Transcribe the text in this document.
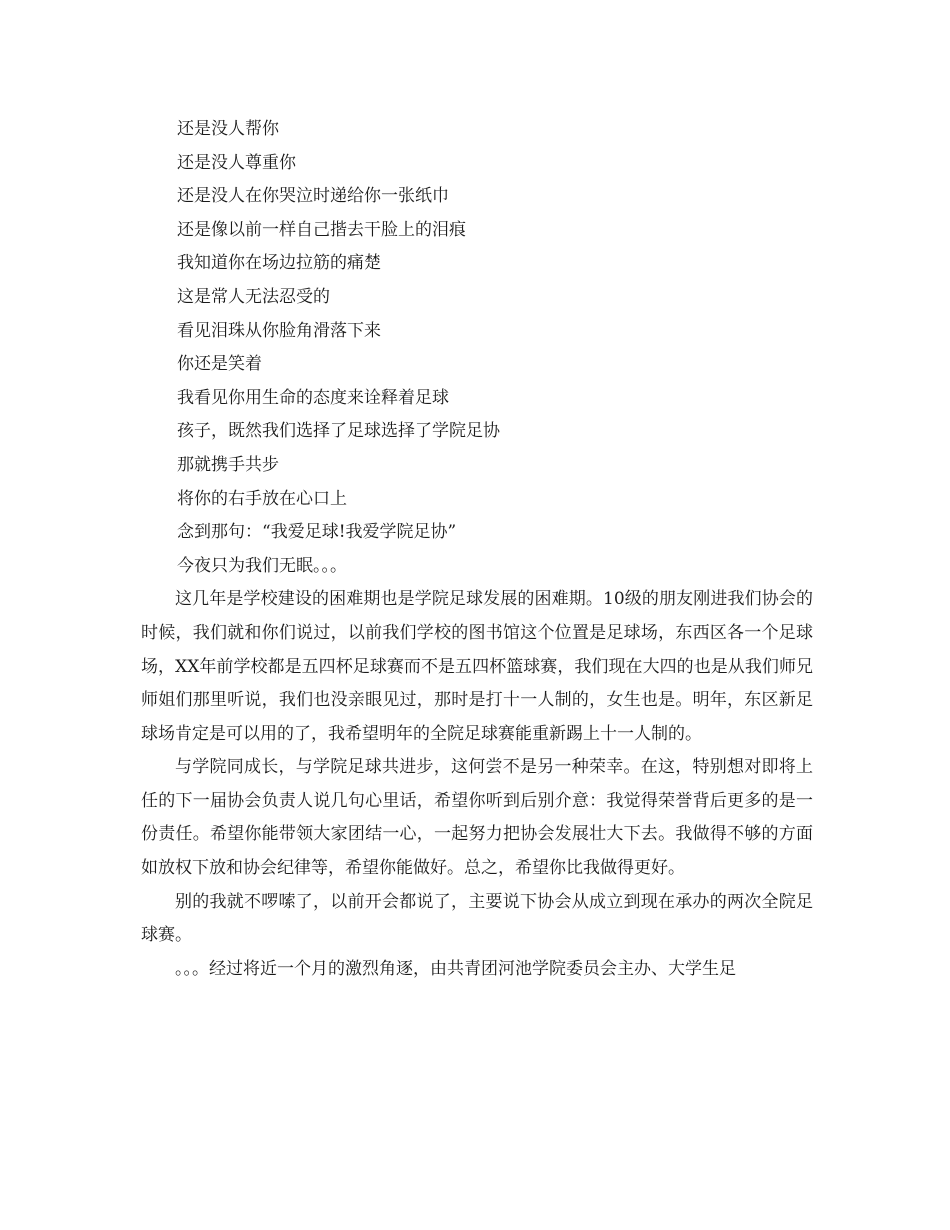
还是没人帮你
还是没人尊重你
还是没人在你哭泣时递给你一张纸巾
还是像以前一样自己揩去干脸上的泪痕
我知道你在场边拉筋的痛楚
这是常人无法忍受的
看见泪珠从你脸角滑落下来
你还是笑着
我看见你用生命的态度来诠释着足球
孩子，既然我们选择了足球选择了学院足协
那就携手共步
将你的右手放在心口上
念到那句：“我爱足球!我爱学院足协”
今夜只为我们无眠。。。

这几年是学校建设的困难期也是学院足球发展的困难期。10级的朋友刚进我们协会的时候，我们就和你们说过，以前我们学校的图书馆这个位置是足球场，东西区各一个足球场，XX年前学校都是五四杯足球赛而不是五四杯篮球赛，我们现在大四的也是从我们师兄师姐们那里听说，我们也没亲眼见过，那时是打十一人制的，女生也是。明年，东区新足球场肯定是可以用的了，我希望明年的全院足球赛能重新踢上十一人制的。

与学院同成长，与学院足球共进步，这何尝不是另一种荣幸。在这，特别想对即将上任的下一届协会负责人说几句心里话，希望你听到后别介意：我觉得荣誉背后更多的是一份责任。希望你能带领大家团结一心，一起努力把协会发展壮大下去。我做得不够的方面如放权下放和协会纪律等，希望你能做好。总之，希望你比我做得更好。

别的我就不啰嗦了，以前开会都说了，主要说下协会从成立到现在承办的两次全院足球赛。

。。。经过将近一个月的激烈角逐，由共青团河池学院委员会主办、大学生足
